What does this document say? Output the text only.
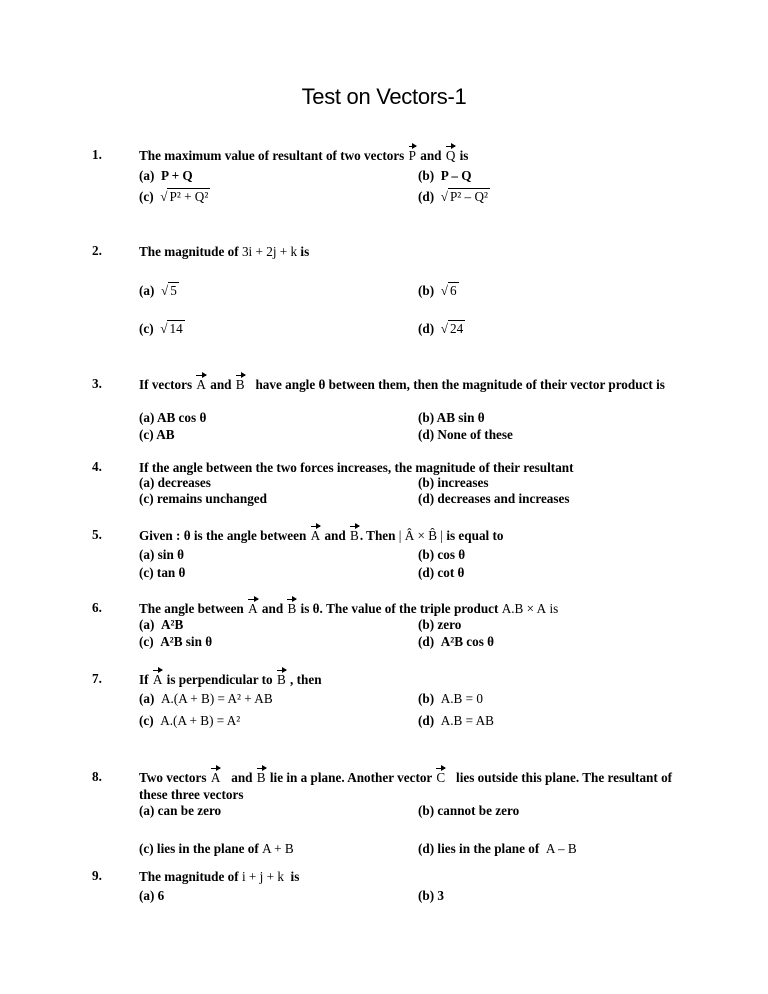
Test on Vectors-1
1.	The maximum value of resultant of two vectors P and Q is
(a) P + Q	(b) P – Q
(c) √ P² + Q²	(d) √ P² – Q²
2.	The magnitude of 3i + 2j + k is
(a) √ 5	(b) √ 6
(c) √ 14	(d) √ 24
3.	If vectors A and B have angle θ between them, then the magnitude of their vector product is
(a) AB cos θ	(b) AB sin θ
(c) AB	(d) None of these
4.	If the angle between the two forces increases, the magnitude of their resultant
(a) decreases	(b) increases
(c) remains unchanged	(d) decreases and increases
5.	Given : θ is the angle between A and B. Then | Â × B̂ | is equal to
(a) sin θ	(b) cos θ
(c) tan θ	(d) cot θ
6.	The angle between A and B is θ. The value of the triple product A.B × A is
(a) A²B	(b) zero
(c) A²B sin θ	(d) A²B cos θ
7.	If A is perpendicular to B , then
(a) A.(A + B) = A² + AB	(b) A.B = 0
(c) A.(A + B) = A²	(d) A.B = AB
8.	Two vectors A and B lie in a plane. Another vector C lies outside this plane. The resultant of these three vectors
(a) can be zero	(b) cannot be zero
(c) lies in the plane of A + B	(d) lies in the plane of A – B
9.	The magnitude of i + j + k is
(a) 6	(b) 3
